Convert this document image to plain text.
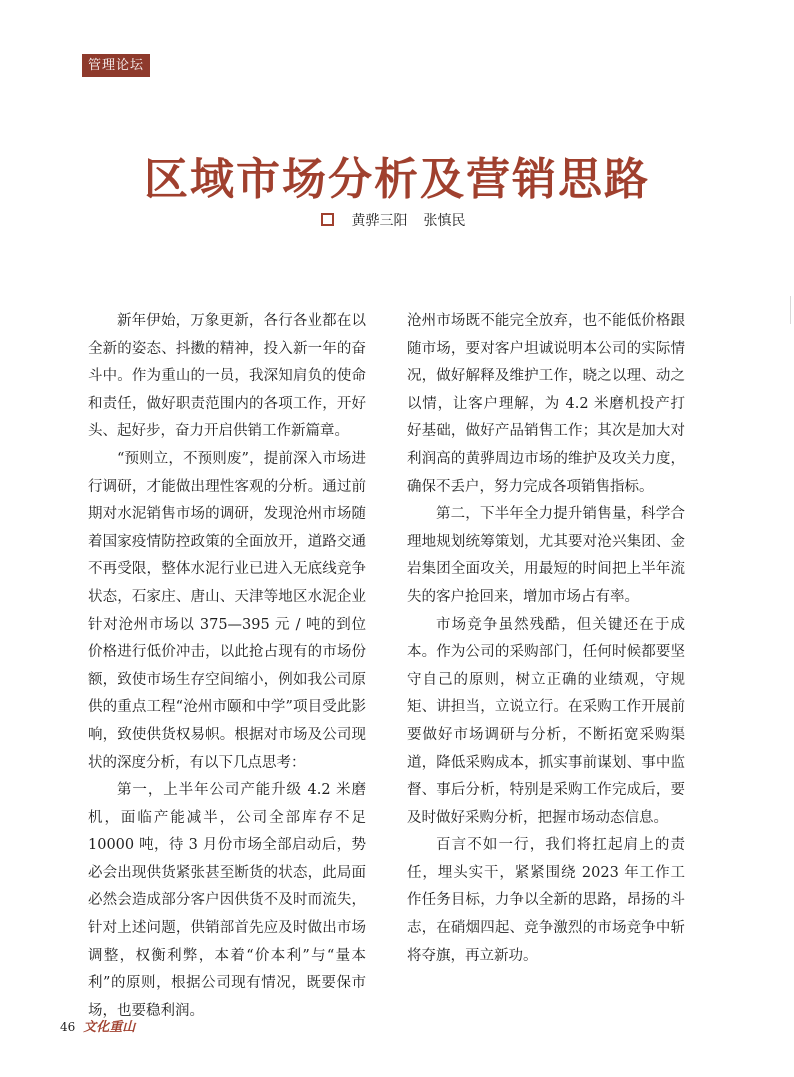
管理论坛
区域市场分析及营销思路
黄骅三阳 张慎民

新年伊始，万象更新，各行各业都在以全新的姿态、抖擞的精神，投入新一年的奋斗中。作为重山的一员，我深知肩负的使命和责任，做好职责范围内的各项工作，开好头、起好步，奋力开启供销工作新篇章。

“预则立，不预则废”，提前深入市场进行调研，才能做出理性客观的分析。通过前期对水泥销售市场的调研，发现沧州市场随着国家疫情防控政策的全面放开，道路交通不再受限，整体水泥行业已进入无底线竞争状态，石家庄、唐山、天津等地区水泥企业针对沧州市场以 375—395 元 / 吨的到位价格进行低价冲击，以此抢占现有的市场份额，致使市场生存空间缩小，例如我公司原供的重点工程“沧州市颐和中学”项目受此影响，致使供货权易帜。根据对市场及公司现状的深度分析，有以下几点思考：

第一，上半年公司产能升级 4.2 米磨机，面临产能减半，公司全部库存不足 10000 吨，待 3 月份市场全部启动后，势必会出现供货紧张甚至断货的状态，此局面必然会造成部分客户因供货不及时而流失，针对上述问题，供销部首先应及时做出市场调整，权衡利弊，本着“价本利”与“量本利”的原则，根据公司现有情况，既要保市场，也要稳利润。

沧州市场既不能完全放弃，也不能低价格跟随市场，要对客户坦诚说明本公司的实际情况，做好解释及维护工作，晓之以理、动之以情，让客户理解，为 4.2 米磨机投产打好基础，做好产品销售工作；其次是加大对利润高的黄骅周边市场的维护及攻关力度，确保不丢户，努力完成各项销售指标。

第二，下半年全力提升销售量，科学合理地规划统筹策划，尤其要对沧兴集团、金岩集团全面攻关，用最短的时间把上半年流失的客户抢回来，增加市场占有率。

市场竞争虽然残酷，但关键还在于成本。作为公司的采购部门，任何时候都要坚守自己的原则，树立正确的业绩观，守规矩、讲担当，立说立行。在采购工作开展前要做好市场调研与分析，不断拓宽采购渠道，降低采购成本，抓实事前谋划、事中监督、事后分析，特别是采购工作完成后，要及时做好采购分析，把握市场动态信息。

百言不如一行，我们将扛起肩上的责任，埋头实干，紧紧围绕 2023 年工作工作任务目标，力争以全新的思路，昂扬的斗志，在硝烟四起、竞争激烈的市场竞争中斩将夺旗，再立新功。

46 文化重山
